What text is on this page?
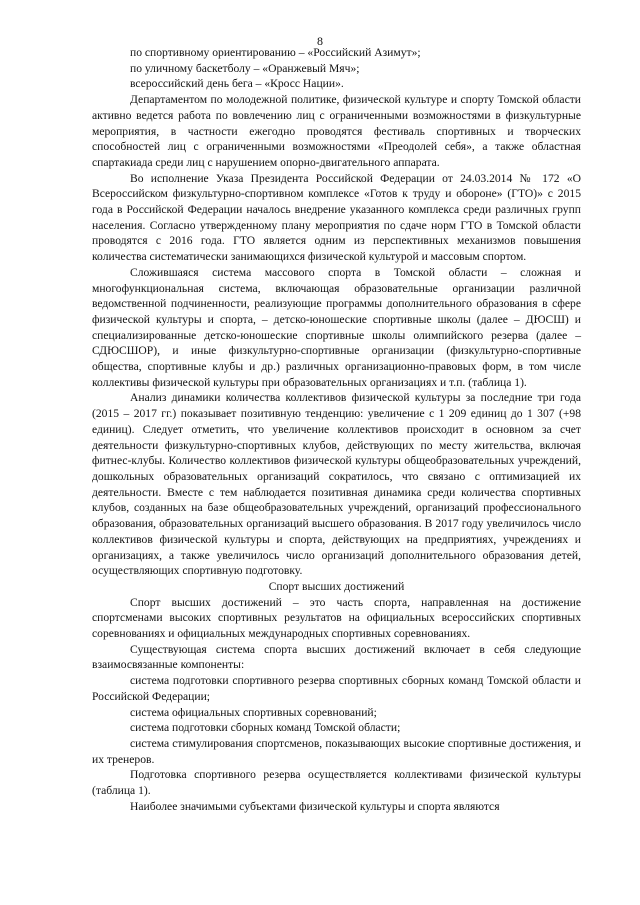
8

по спортивному ориентированию – «Российский Азимут»;

по уличному баскетболу – «Оранжевый Мяч»;

всероссийский день бега – «Кросс Нации».

Департаментом по молодежной политике, физической культуре и спорту Томской области активно ведется работа по вовлечению лиц с ограниченными возможностями в физкультурные мероприятия, в частности ежегодно проводятся фестиваль спортивных и творческих способностей лиц с ограниченными возможностями «Преодолей себя», а также областная спартакиада среди лиц с нарушением опорно-двигательного аппарата.

Во исполнение Указа Президента Российской Федерации от 24.03.2014 № 172 «О Всероссийском физкультурно-спортивном комплексе «Готов к труду и обороне» (ГТО)» с 2015 года в Российской Федерации началось внедрение указанного комплекса среди различных групп населения. Согласно утвержденному плану мероприятия по сдаче норм ГТО в Томской области проводятся с 2016 года. ГТО является одним из перспективных механизмов повышения количества систематически занимающихся физической культурой и массовым спортом.

Сложившаяся система массового спорта в Томской области – сложная и многофункциональная система, включающая образовательные организации различной ведомственной подчиненности, реализующие программы дополнительного образования в сфере физической культуры и спорта, – детско-юношеские спортивные школы (далее – ДЮСШ) и специализированные детско-юношеские спортивные школы олимпийского резерва (далее – СДЮСШОР), и иные физкультурно-спортивные организации (физкультурно-спортивные общества, спортивные клубы и др.) различных организационно-правовых форм, в том числе коллективы физической культуры при образовательных организациях и т.п. (таблица 1).

Анализ динамики количества коллективов физической культуры за последние три года (2015 – 2017 гг.) показывает позитивную тенденцию: увеличение с 1 209 единиц до 1 307 (+98 единиц). Следует отметить, что увеличение коллективов происходит в основном за счет деятельности физкультурно-спортивных клубов, действующих по месту жительства, включая фитнес-клубы. Количество коллективов физической культуры общеобразовательных учреждений, дошкольных образовательных организаций сократилось, что связано с оптимизацией их деятельности. Вместе с тем наблюдается позитивная динамика среди количества спортивных клубов, созданных на базе общеобразовательных учреждений, организаций профессионального образования, образовательных организаций высшего образования. В 2017 году увеличилось число коллективов физической культуры и спорта, действующих на предприятиях, учреждениях и организациях, а также увеличилось число организаций дополнительного образования детей, осуществляющих спортивную подготовку.

Спорт высших достижений

Спорт высших достижений – это часть спорта, направленная на достижение спортсменами высоких спортивных результатов на официальных всероссийских спортивных соревнованиях и официальных международных спортивных соревнованиях.

Существующая система спорта высших достижений включает в себя следующие взаимосвязанные компоненты:

система подготовки спортивного резерва спортивных сборных команд Томской области и Российской Федерации;

система официальных спортивных соревнований;

система подготовки сборных команд Томской области;

система стимулирования спортсменов, показывающих высокие спортивные достижения, и их тренеров.

Подготовка спортивного резерва осуществляется коллективами физической культуры (таблица 1).

Наиболее значимыми субъектами физической культуры и спорта являются
